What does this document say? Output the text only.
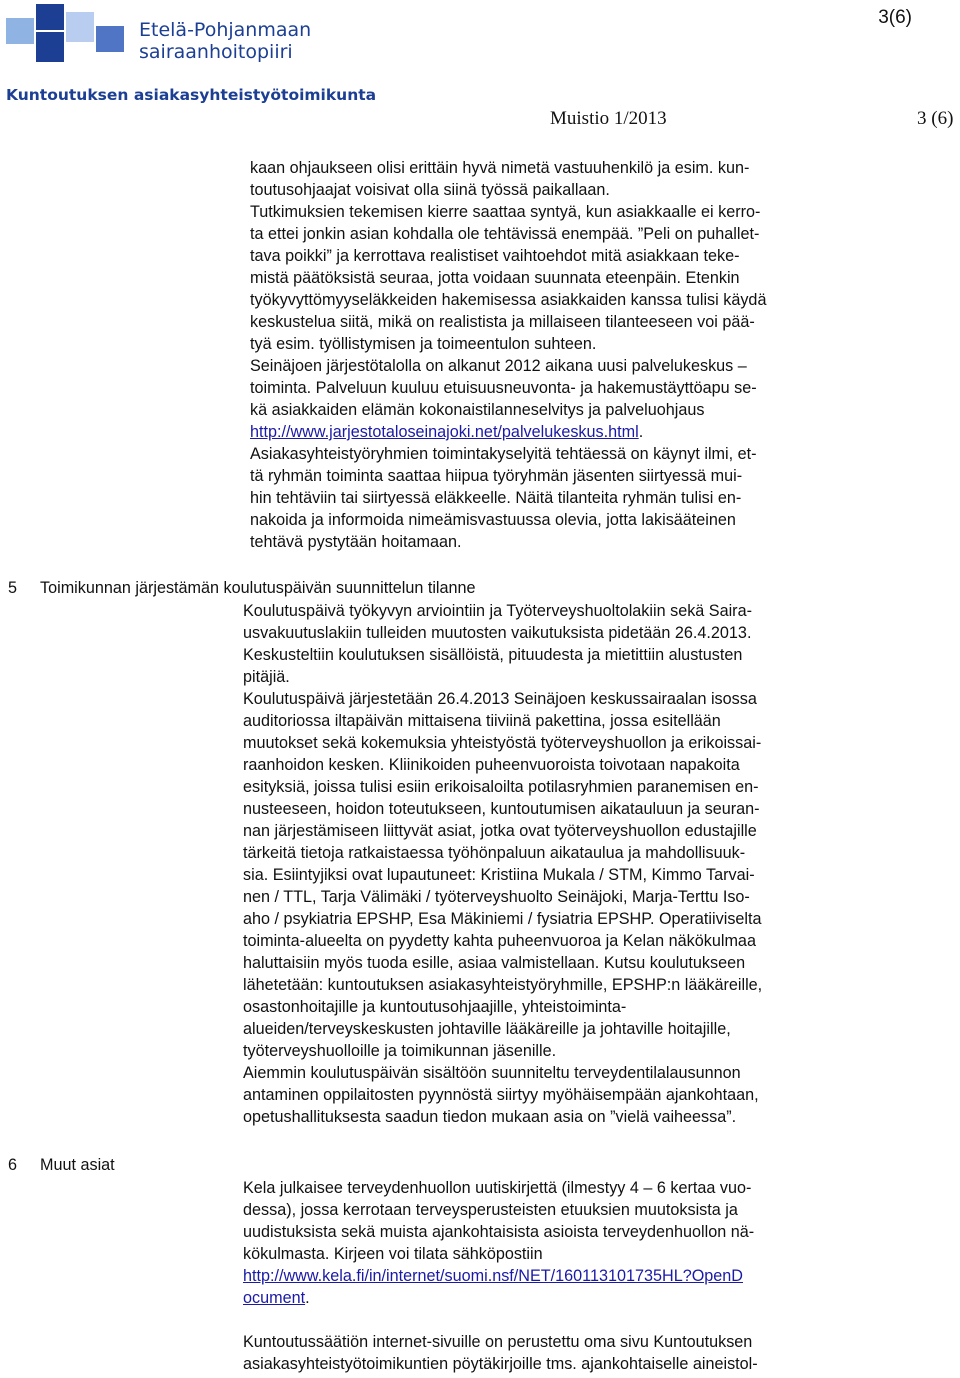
Etelä-Pohjanmaan
sairaanhoitopiiri
3(6)
Kuntoutuksen asiakasyhteistyötoimikunta
Muistio 1/2013	3 (6)
kaan ohjaukseen olisi erittäin hyvä nimetä vastuuhenkilö ja esim. kun-
toutusohjaajat voisivat olla siinä työssä paikallaan.
Tutkimuksien tekemisen kierre saattaa syntyä, kun asiakkaalle ei kerro-
ta ettei jonkin asian kohdalla ole tehtävissä enempää. ”Peli on puhallet-
tava poikki” ja kerrottava realistiset vaihtoehdot mitä asiakkaan teke-
mistä päätöksistä seuraa, jotta voidaan suunnata eteenpäin. Etenkin
työkyvyttömyyseläkkeiden hakemisessa asiakkaiden kanssa tulisi käydä
keskustelua siitä, mikä on realistista ja millaiseen tilanteeseen voi pää-
tyä esim. työllistymisen ja toimeentulon suhteen.
Seinäjoen järjestötalolla on alkanut 2012 aikana uusi palvelukeskus –
toiminta. Palveluun kuuluu etuisuusneuvonta- ja hakemustäyttöapu se-
kä asiakkaiden elämän kokonaistilanneselvitys ja palveluohjaus
http://www.jarjestotaloseinajoki.net/palvelukeskus.html.
Asiakasyhteistyöryhmien toimintakyselyitä tehtäessä on käynyt ilmi, et-
tä ryhmän toiminta saattaa hiipua työryhmän jäsenten siirtyessä mui-
hin tehtäviin tai siirtyessä eläkkeelle. Näitä tilanteita ryhmän tulisi en-
nakoida ja informoida nimeämisvastuussa olevia, jotta lakisääteinen
tehtävä pystytään hoitamaan.
5 Toimikunnan järjestämän koulutuspäivän suunnittelun tilanne
Koulutuspäivä työkyvyn arviointiin ja Työterveyshuoltolakiin sekä Saira-
usvakuutuslakiin tulleiden muutosten vaikutuksista pidetään 26.4.2013.
Keskusteltiin koulutuksen sisällöistä, pituudesta ja mietittiin alustusten
pitäjiä.
Koulutuspäivä järjestetään 26.4.2013 Seinäjoen keskussairaalan isossa
auditoriossa iltapäivän mittaisena tiiviinä pakettina, jossa esitellään
muutokset sekä kokemuksia yhteistyöstä työterveyshuollon ja erikoissai-
raanhoidon kesken. Kliinikoiden puheenvuoroista toivotaan napakoita
esityksiä, joissa tulisi esiin erikoisaloilta potilasryhmien paranemisen en-
nusteeseen, hoidon toteutukseen, kuntoutumisen aikatauluun ja seuran-
nan järjestämiseen liittyvät asiat, jotka ovat työterveyshuollon edustajille
tärkeitä tietoja ratkaistaessa työhönpaluun aikataulua ja mahdollisuuk-
sia. Esiintyjiksi ovat lupautuneet: Kristiina Mukala / STM, Kimmo Tarvai-
nen / TTL, Tarja Välimäki / työterveyshuolto Seinäjoki, Marja-Terttu Iso-
aho / psykiatria EPSHP, Esa Mäkiniemi / fysiatria EPSHP. Operatiiviselta
toiminta-alueelta on pyydetty kahta puheenvuoroa ja Kelan näkökulmaa
haluttaisiin myös tuoda esille, asiaa valmistellaan. Kutsu koulutukseen
lähetetään: kuntoutuksen asiakasyhteistyöryhmille, EPSHP:n lääkäreille,
osastonhoitajille ja kuntoutusohjaajille, yhteistoiminta-
alueiden/terveyskeskusten johtaville lääkäreille ja johtaville hoitajille,
työterveyshuolloille ja toimikunnan jäsenille.
Aiemmin koulutuspäivän sisältöön suunniteltu terveydentilalausunnon
antaminen oppilaitosten pyynnöstä siirtyy myöhäisempään ajankohtaan,
opetushallituksesta saadun tiedon mukaan asia on ”vielä vaiheessa”.
6 Muut asiat
Kela julkaisee terveydenhuollon uutiskirjettä (ilmestyy 4 – 6 kertaa vuo-
dessa), jossa kerrotaan terveysperusteisten etuuksien muutoksista ja
uudistuksista sekä muista ajankohtaisista asioista terveydenhuollon nä-
kökulmasta. Kirjeen voi tilata sähköpostiin
http://www.kela.fi/in/internet/suomi.nsf/NET/160113101735HL?OpenD
ocument.
Kuntoutussäätiön internet-sivuille on perustettu oma sivu Kuntoutuksen
asiakasyhteistyötoimikuntien pöytäkirjoille tms. ajankohtaiselle aineistol-
